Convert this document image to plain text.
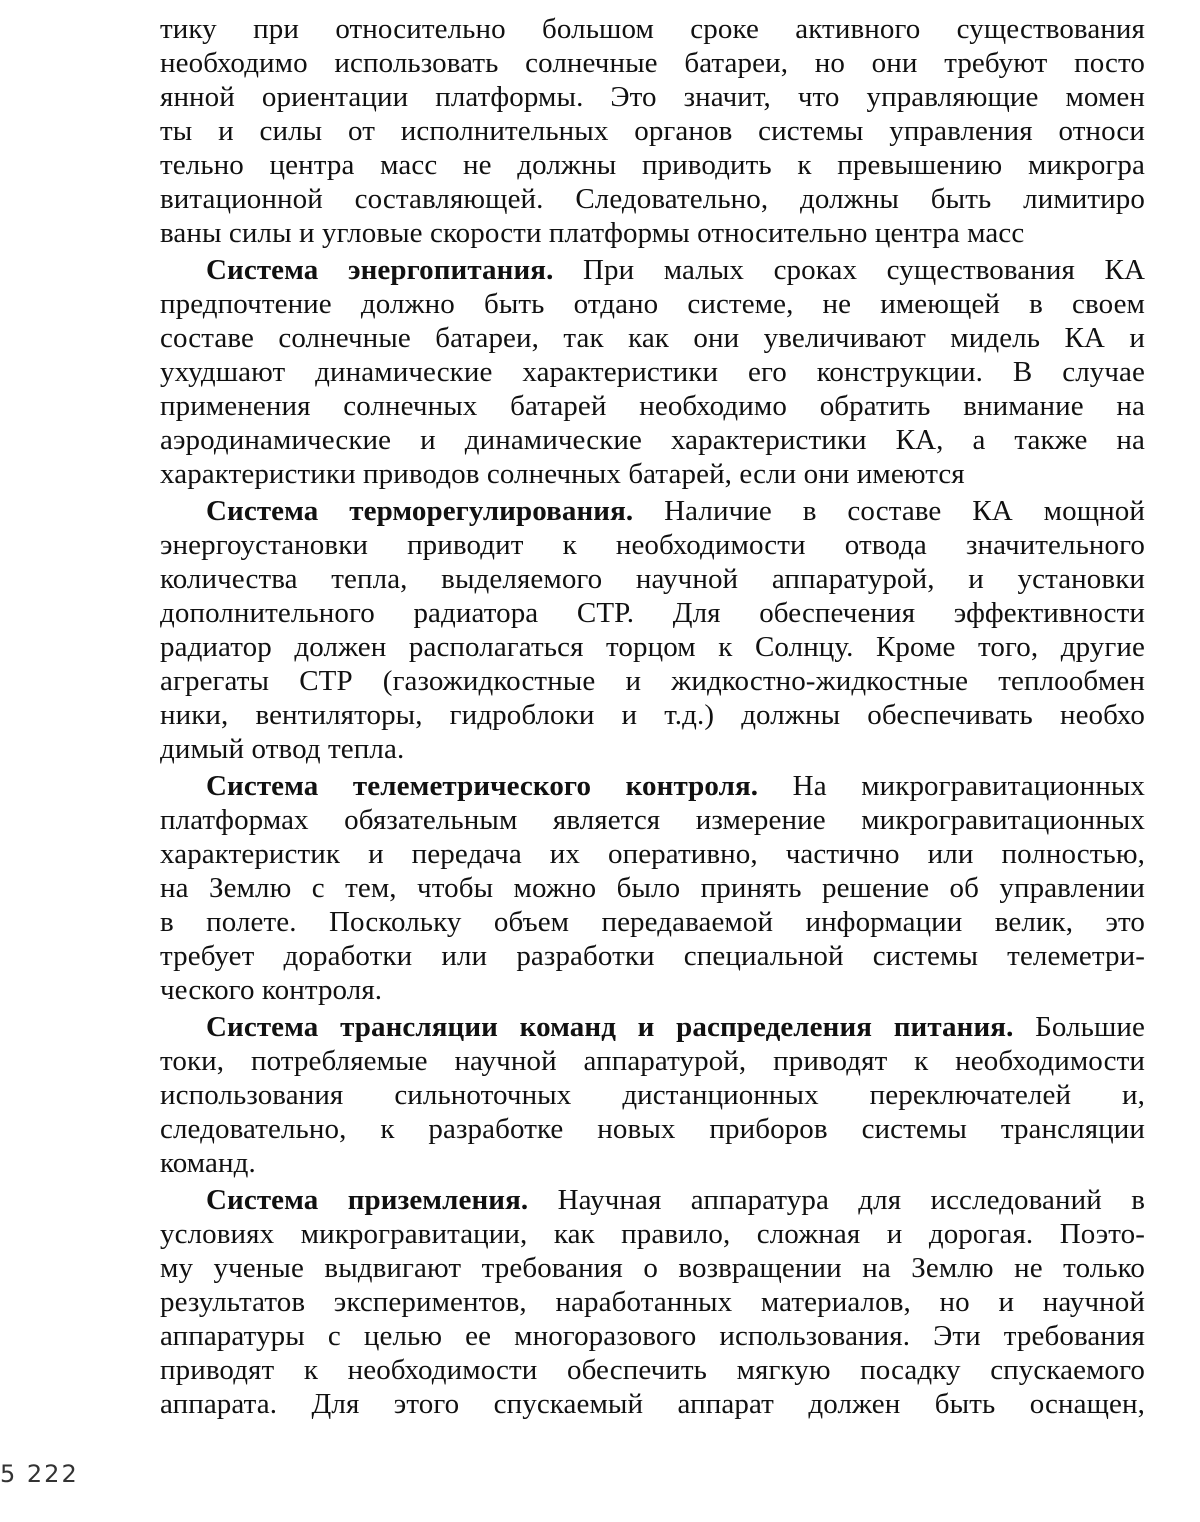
тику при относительно большом сроке активного существования
необходимо использовать солнечные батареи, но они требуют посто
янной ориентации платформы. Это значит, что управляющие момен
ты и силы от исполнительных органов системы управления относи
тельно центра масс не должны приводить к превышению микрогра
витационной составляющей. Следовательно, должны быть лимитиро
ваны силы и угловые скорости платформы относительно центра масс
Система энергопитания. При малых сроках существования КА
предпочтение должно быть отдано системе, не имеющей в своем
составе солнечные батареи, так как они увеличивают мидель КА и
ухудшают динамические характеристики его конструкции. В случае
применения солнечных батарей необходимо обратить внимание на
аэродинамические и динамические характеристики КА, а также на
характеристики приводов солнечных батарей, если они имеются
Система терморегулирования. Наличие в составе КА мощной
энергоустановки приводит к необходимости отвода значительного
количества тепла, выделяемого научной аппаратурой, и установки
дополнительного радиатора СТР. Для обеспечения эффективности
радиатор должен располагаться торцом к Солнцу. Кроме того, другие
агрегаты СТР (газожидкостные и жидкостно-жидкостные теплообмен
ники, вентиляторы, гидроблоки и т.д.) должны обеспечивать необхо
димый отвод тепла.
Система телеметрического контроля. На микрогравитационных
платформах обязательным является измерение микрогравитационных
характеристик и передача их оперативно, частично или полностью,
на Землю с тем, чтобы можно было принять решение об управлении
в полете. Поскольку объем передаваемой информации велик, это
требует доработки или разработки специальной системы телеметри-
ческого контроля.
Система трансляции команд и распределения питания. Большие
токи, потребляемые научной аппаратурой, приводят к необходимости
использования сильноточных дистанционных переключателей и,
следовательно, к разработке новых приборов системы трансляции
команд.
Система приземления. Научная аппаратура для исследований в
условиях микрогравитации, как правило, сложная и дорогая. Поэто-
му ученые выдвигают требования о возвращении на Землю не только
результатов экспериментов, наработанных материалов, но и научной
аппаратуры с целью ее многоразового использования. Эти требования
приводят к необходимости обеспечить мягкую посадку спускаемого
аппарата. Для этого спускаемый аппарат должен быть оснащен,
5 222
